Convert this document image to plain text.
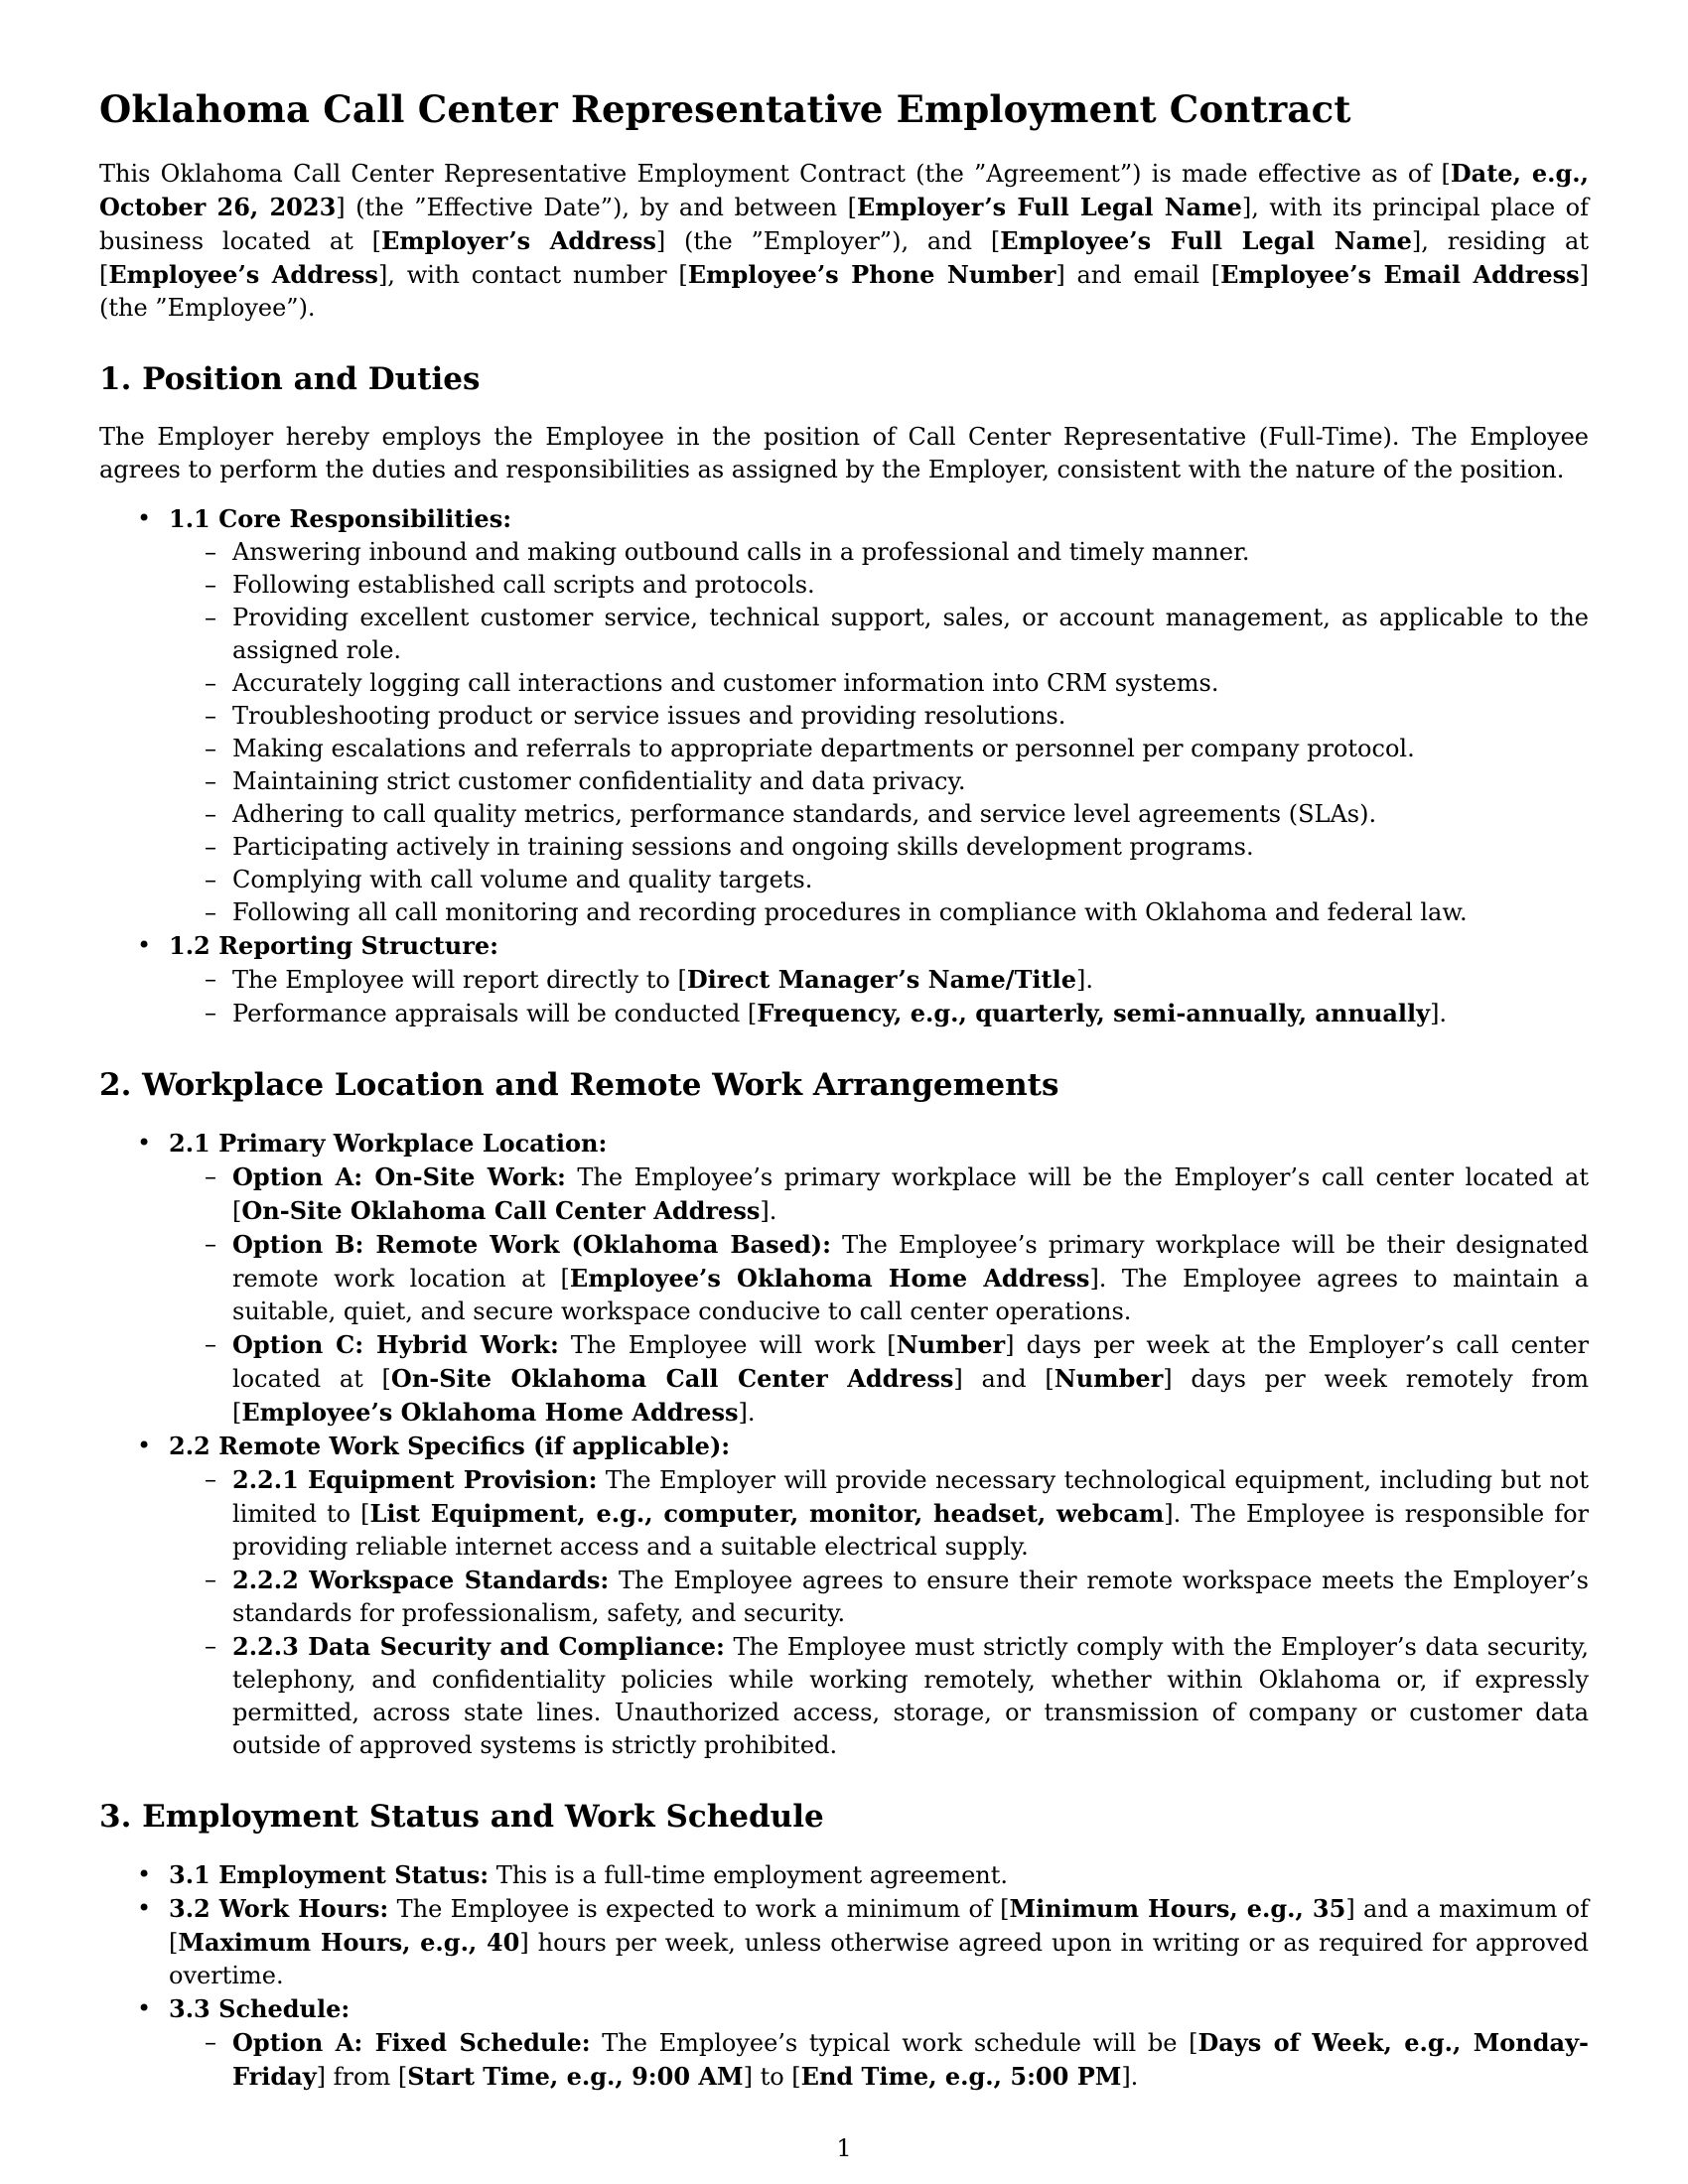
Oklahoma Call Center Representative Employment Contract

This Oklahoma Call Center Representative Employment Contract (the ”Agreement”) is made effective as of [Date, e.g., October 26, 2023] (the ”Effective Date”), by and between [Employer’s Full Legal Name], with its principal place of business located at [Employer’s Address] (the ”Employer”), and [Employee’s Full Legal Name], residing at [Employee’s Address], with contact number [Employee’s Phone Number] and email [Employee’s Email Address] (the ”Employee”).

1. Position and Duties

The Employer hereby employs the Employee in the position of Call Center Representative (Full-Time). The Employee agrees to perform the duties and responsibilities as assigned by the Employer, consistent with the nature of the position.

• 1.1 Core Responsibilities:
– Answering inbound and making outbound calls in a professional and timely manner.
– Following established call scripts and protocols.
– Providing excellent customer service, technical support, sales, or account management, as applicable to the assigned role.
– Accurately logging call interactions and customer information into CRM systems.
– Troubleshooting product or service issues and providing resolutions.
– Making escalations and referrals to appropriate departments or personnel per company protocol.
– Maintaining strict customer confidentiality and data privacy.
– Adhering to call quality metrics, performance standards, and service level agreements (SLAs).
– Participating actively in training sessions and ongoing skills development programs.
– Complying with call volume and quality targets.
– Following all call monitoring and recording procedures in compliance with Oklahoma and federal law.
• 1.2 Reporting Structure:
– The Employee will report directly to [Direct Manager’s Name/Title].
– Performance appraisals will be conducted [Frequency, e.g., quarterly, semi-annually, annually].
2. Workplace Location and Remote Work Arrangements
• 2.1 Primary Workplace Location:
– Option A: On-Site Work: The Employee’s primary workplace will be the Employer’s call center located at [On-Site Oklahoma Call Center Address].
– Option B: Remote Work (Oklahoma Based): The Employee’s primary workplace will be their designated remote work location at [Employee’s Oklahoma Home Address]. The Employee agrees to maintain a suitable, quiet, and secure workspace conducive to call center operations.
– Option C: Hybrid Work: The Employee will work [Number] days per week at the Employer’s call center located at [On-Site Oklahoma Call Center Address] and [Number] days per week remotely from [Employee’s Oklahoma Home Address].
• 2.2 Remote Work Specifics (if applicable):
– 2.2.1 Equipment Provision: The Employer will provide necessary technological equipment, including but not limited to [List Equipment, e.g., computer, monitor, headset, webcam]. The Employee is responsible for providing reliable internet access and a suitable electrical supply.
– 2.2.2 Workspace Standards: The Employee agrees to ensure their remote workspace meets the Employer’s standards for professionalism, safety, and security.
– 2.2.3 Data Security and Compliance: The Employee must strictly comply with the Employer’s data security, telephony, and confidentiality policies while working remotely, whether within Oklahoma or, if expressly permitted, across state lines. Unauthorized access, storage, or transmission of company or customer data outside of approved systems is strictly prohibited.
3. Employment Status and Work Schedule
• 3.1 Employment Status: This is a full-time employment agreement.
• 3.2 Work Hours: The Employee is expected to work a minimum of [Minimum Hours, e.g., 35] and a maximum of [Maximum Hours, e.g., 40] hours per week, unless otherwise agreed upon in writing or as required for approved overtime.
• 3.3 Schedule:
– Option A: Fixed Schedule: The Employee’s typical work schedule will be [Days of Week, e.g., Monday-Friday] from [Start Time, e.g., 9:00 AM] to [End Time, e.g., 5:00 PM].
1
